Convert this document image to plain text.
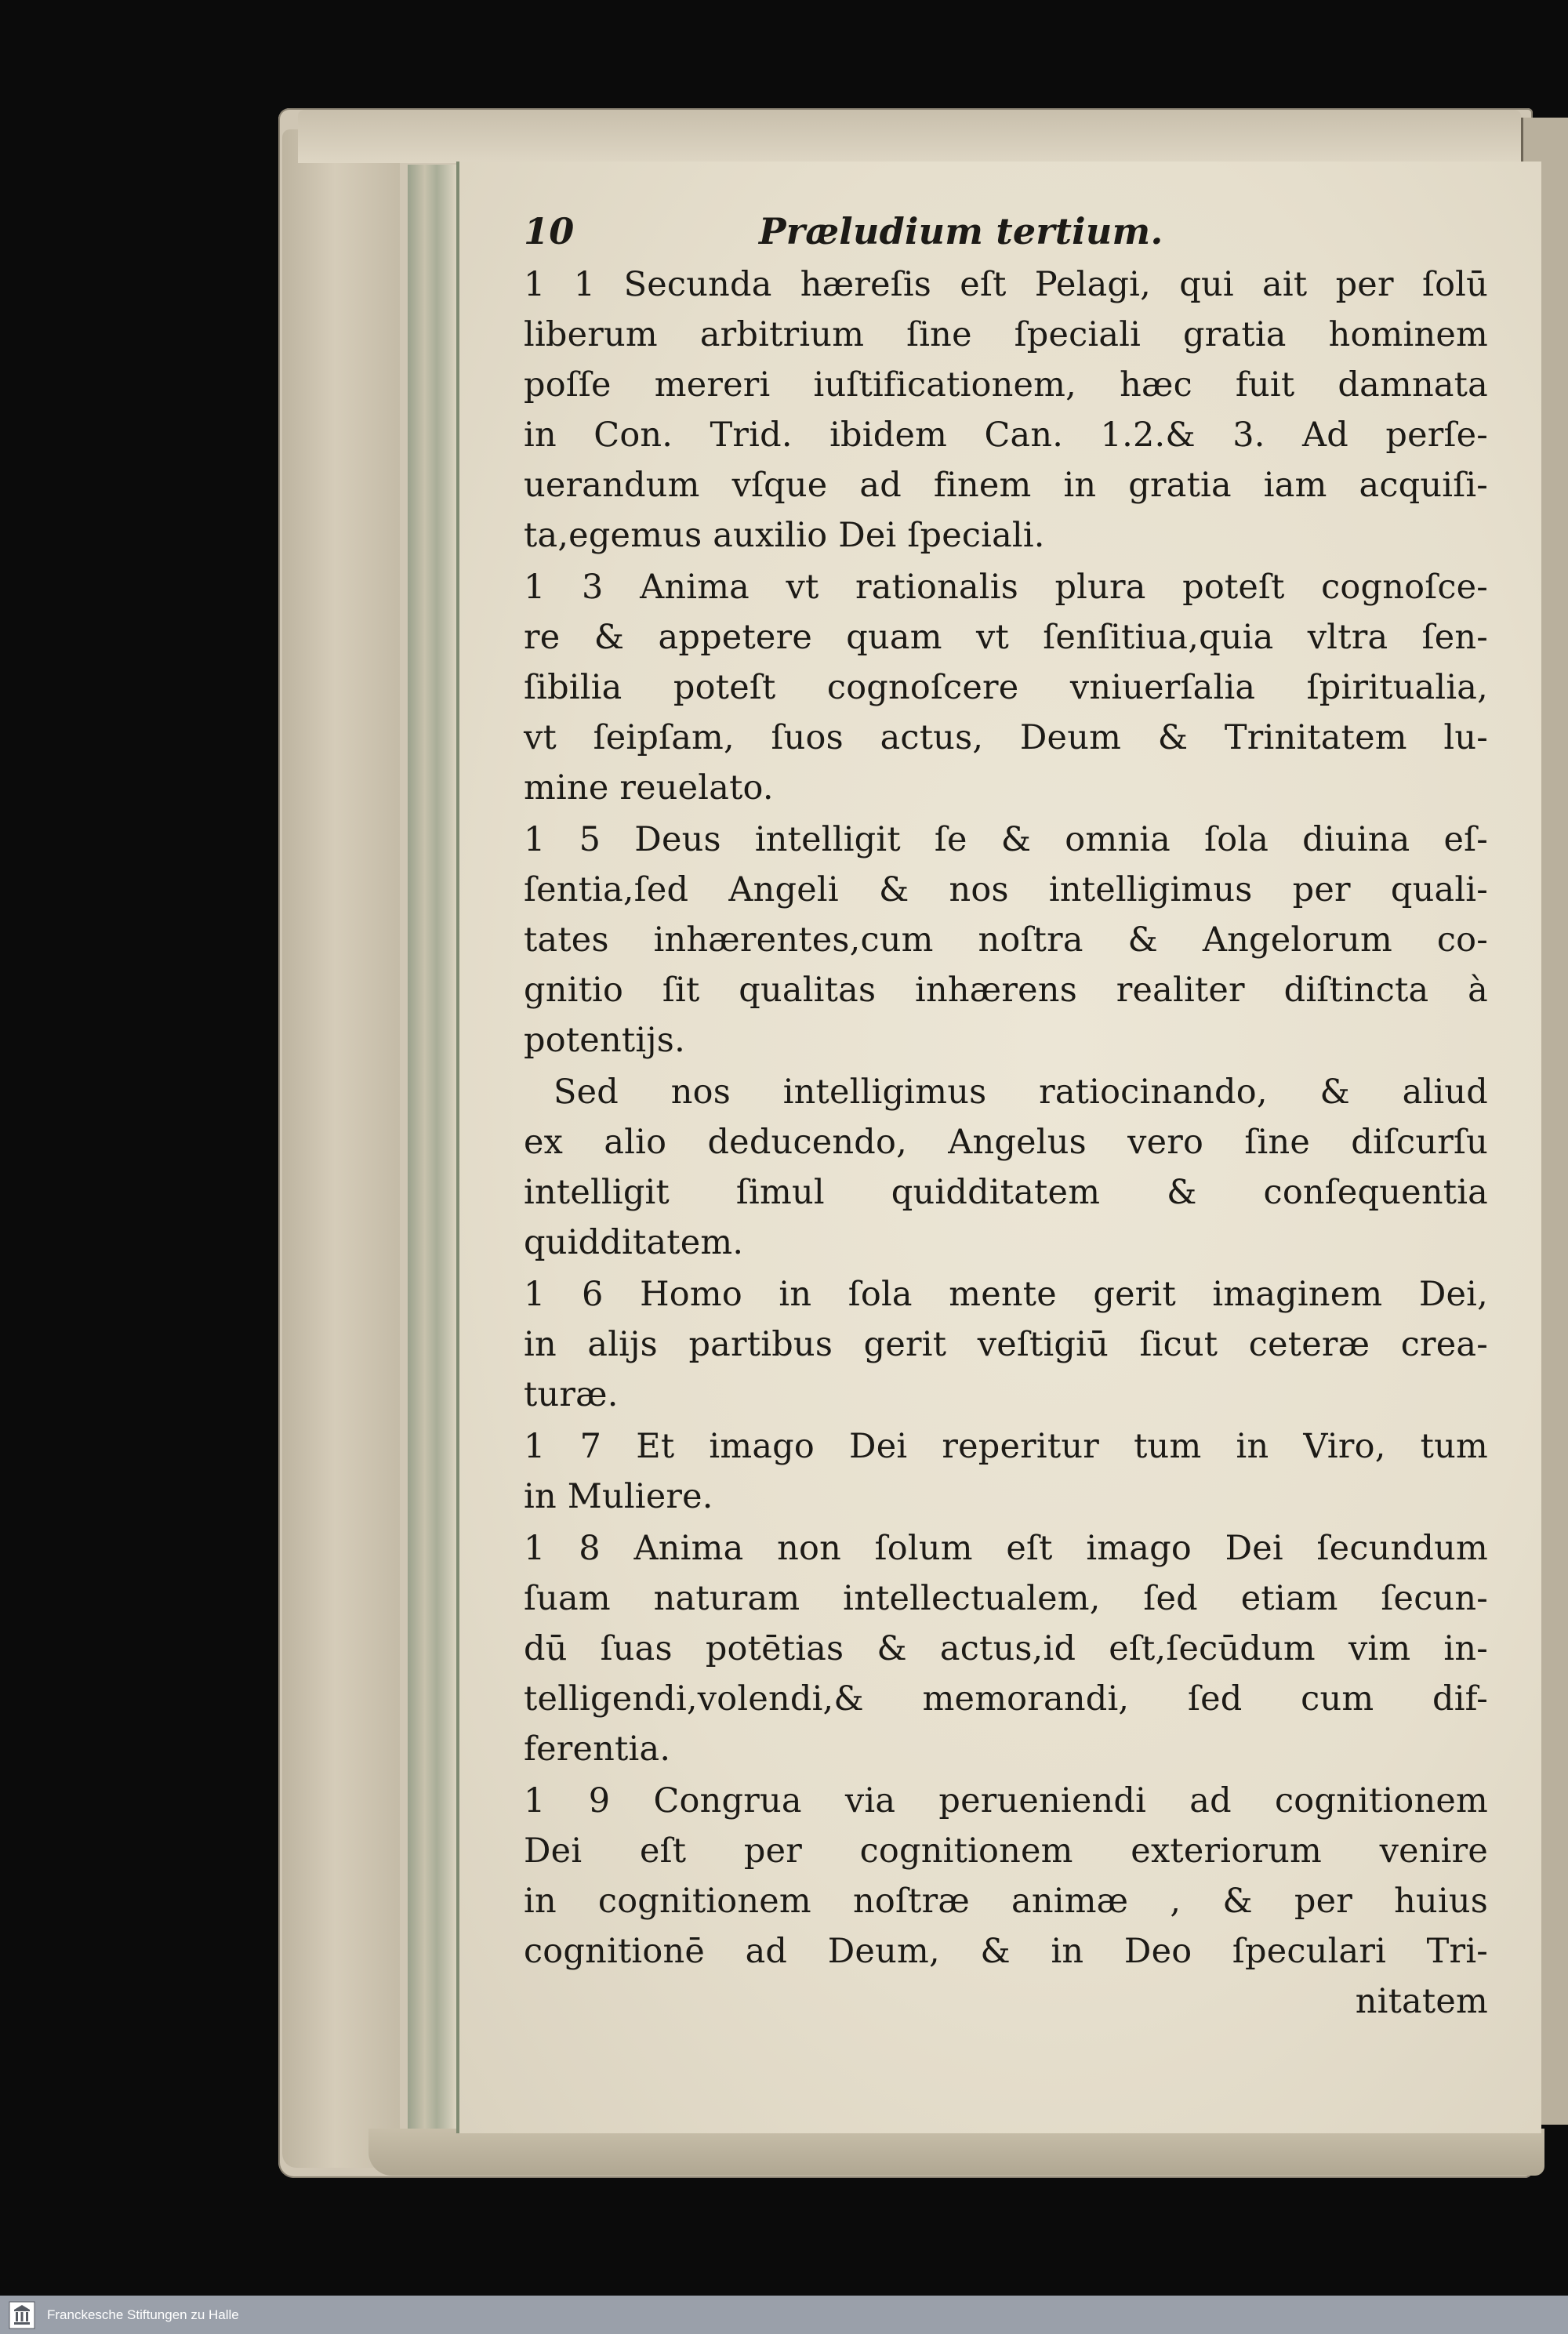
10	Præludium tertium.
1 1 Secunda hæreſis eſt Pelagi, qui ait per ſolū
liberum arbitrium ſine ſpeciali gratia hominem
poſſe mereri iuſtificationem, hæc fuit damnata
in Con. Trid. ibidem Can. 1.2.& 3. Ad perſe-
uerandum vſque ad finem in gratia iam acquiſi-
ta,egemus auxilio Dei ſpeciali.
1 3 Anima vt rationalis plura poteſt cognoſce-
re & appetere quam vt ſenſitiua,quia vltra ſen-
ſibilia poteſt cognoſcere vniuerſalia ſpiritualia,
vt ſeipſam, ſuos actus, Deum & Trinitatem lu-
mine reuelato.
1 5 Deus intelligit ſe & omnia ſola diuina eſ-
ſentia,ſed Angeli & nos intelligimus per quali-
tates inhærentes,cum noſtra & Angelorum co-
gnitio ſit qualitas inhærens realiter diſtincta à
potentijs.
Sed nos intelligimus ratiocinando, & aliud
ex alio deducendo, Angelus vero ſine diſcurſu
intelligit ſimul quidditatem & conſequentia
quidditatem.
1 6 Homo in ſola mente gerit imaginem Dei,
in alijs partibus gerit veſtigiū ſicut ceteræ crea-
turæ.
1 7 Et imago Dei reperitur tum in Viro, tum
in Muliere.
1 8 Anima non ſolum eſt imago Dei ſecundum
ſuam naturam intellectualem, ſed etiam ſecun-
dū ſuas potētias & actus,id eſt,ſecūdum vim in-
telligendi,volendi,& memorandi, ſed cum dif-
ferentia.
1 9 Congrua via perueniendi ad cognitionem
Dei eſt per cognitionem exteriorum venire
in cognitionem noſtræ animæ , & per huius
cognitionē ad Deum, & in Deo ſpeculari Tri-
nitatem
Franckesche Stiftungen zu Halle
